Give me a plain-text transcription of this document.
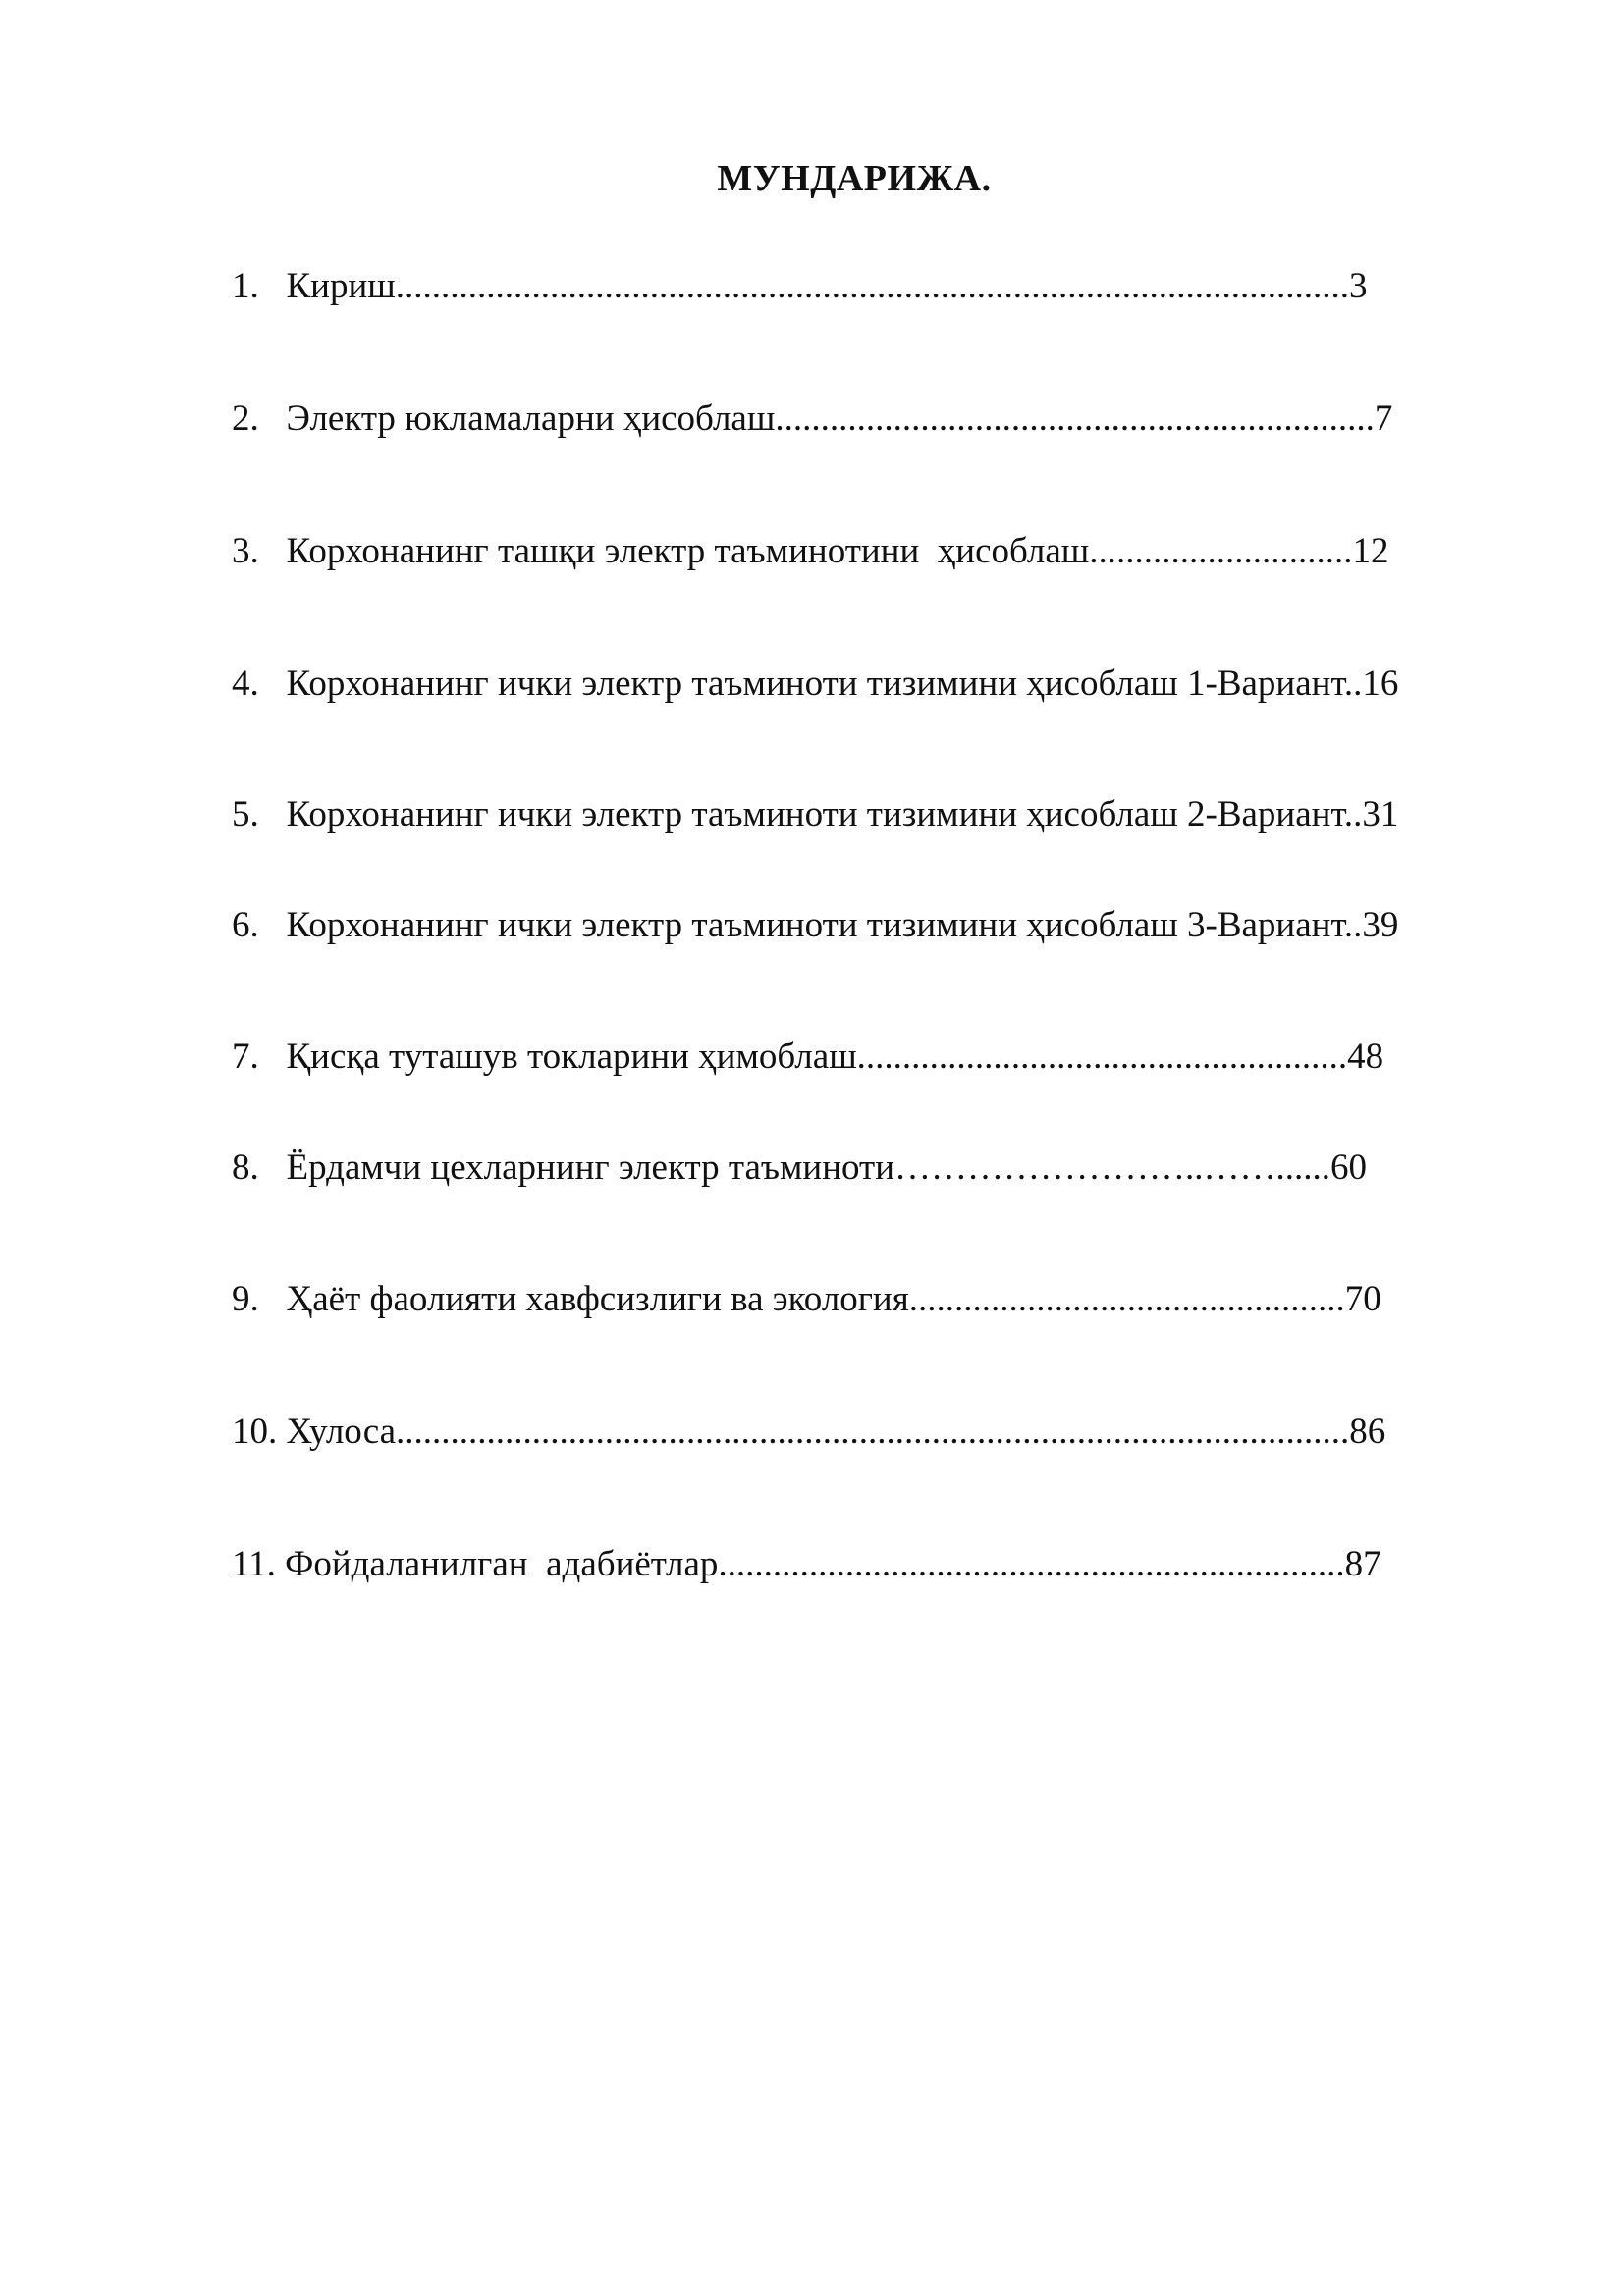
МУНДАРИЖА.
1.   Кириш.........................................................................................................3
2.   Электр юкламаларни ҳисоблаш..................................................................7
3.   Корхонанинг ташқи электр таъминотини  ҳисоблаш.............................12
4.   Корхонанинг ички электр таъминоти тизимини ҳисоблаш 1-Вариант..16
5.   Корхонанинг ички электр таъминоти тизимини ҳисоблаш 2-Вариант..31
6.   Корхонанинг ички электр таъминоти тизимини ҳисоблаш 3-Вариант..39
7.   Қисқа туташув токларини ҳимоблаш......................................................48
8.   Ёрдамчи цехларнинг электр таъминоти……………………..……......60
9.   Ҳаёт фаолияти хавфсизлиги ва экология................................................70
10. Хулоса.........................................................................................................86
11. Фойдаланилган  адабиётлар.....................................................................87
